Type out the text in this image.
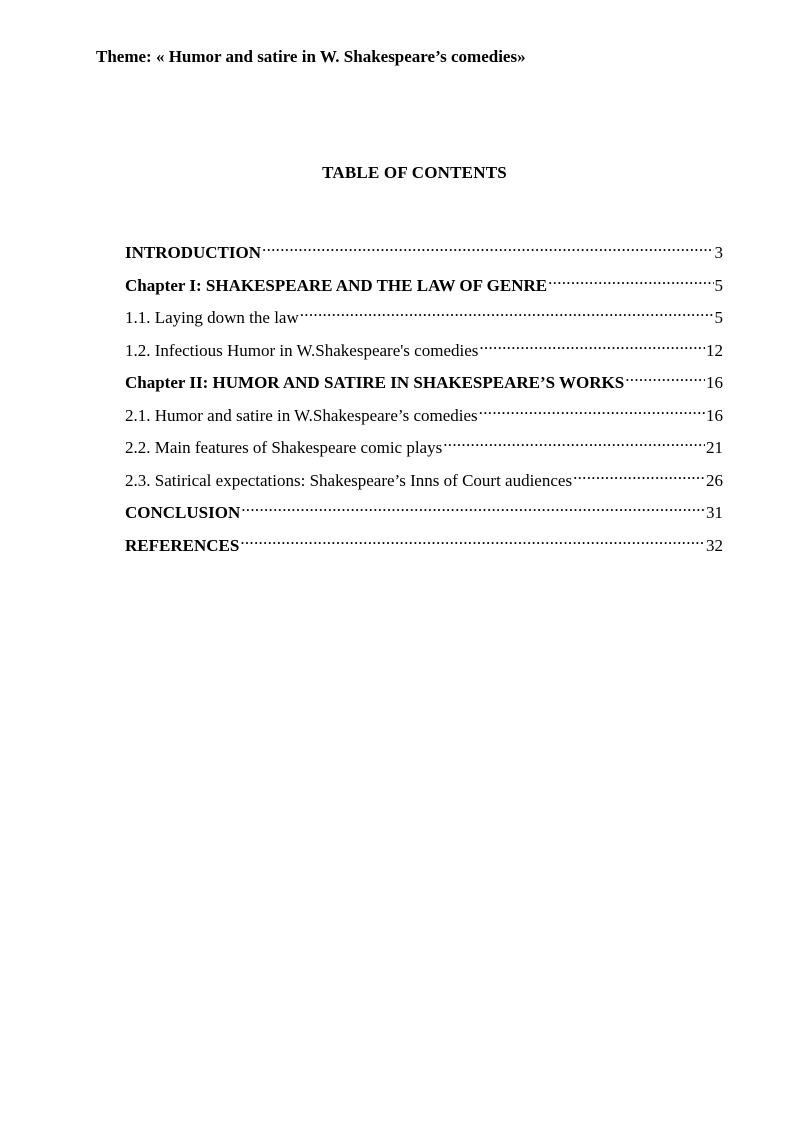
Theme: « Humor and satire in W. Shakespeare’s comedies»
TABLE OF CONTENTS
INTRODUCTION .....	3
Chapter I: SHAKESPEARE AND THE LAW OF GENRE .....	5
1.1. Laying down the law .....	5
1.2. Infectious Humor in W.Shakespeare's comedies .....	12
Chapter II: HUMOR AND SATIRE IN SHAKESPEARE’S WORKS .....	16
2.1. Humor and satire in W.Shakespeare’s comedies .....	16
2.2. Main features of Shakespeare comic plays .....	21
2.3. Satirical expectations: Shakespeare’s Inns of Court audiences .....	26
CONCLUSION .....	31
REFERENCES .....	32
